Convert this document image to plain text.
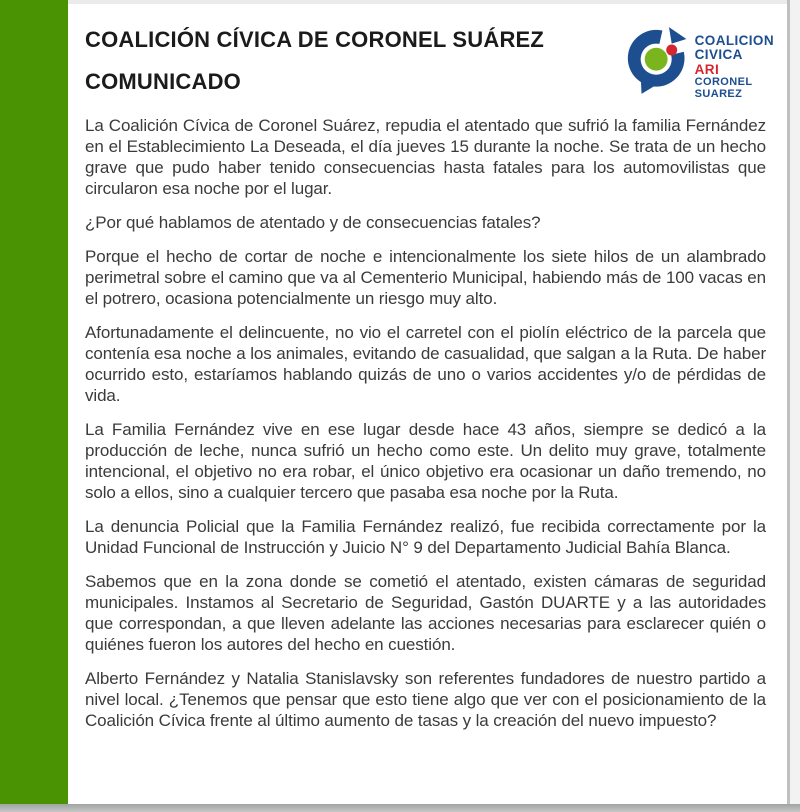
COALICIÓN CÍVICA DE CORONEL SUÁREZ
COMUNICADO

La Coalición Cívica de Coronel Suárez, repudia el atentado que sufrió la familia Fernández en el Establecimiento La Deseada, el día jueves 15 durante la noche. Se trata de un hecho grave que pudo haber tenido consecuencias hasta fatales para los automovilistas que circularon esa noche por el lugar.

¿Por qué hablamos de atentado y de consecuencias fatales?

Porque el hecho de cortar de noche e intencionalmente los siete hilos de un alambrado perimetral sobre el camino que va al Cementerio Municipal, habiendo más de 100 vacas en el potrero, ocasiona potencialmente un riesgo muy alto.

Afortunadamente el delincuente, no vio el carretel con el piolín eléctrico de la parcela que contenía esa noche a los animales, evitando de casualidad, que salgan a la Ruta. De haber ocurrido esto, estaríamos hablando quizás de uno o varios accidentes y/o de pérdidas de vida.

La Familia Fernández vive en ese lugar desde hace 43 años, siempre se dedicó a la producción de leche, nunca sufrió un hecho como este. Un delito muy grave, totalmente intencional, el objetivo no era robar, el único objetivo era ocasionar un daño tremendo, no solo a ellos, sino a cualquier tercero que pasaba esa noche por la Ruta.

La denuncia Policial que la Familia Fernández realizó, fue recibida correctamente por la Unidad Funcional de Instrucción y Juicio N° 9 del Departamento Judicial Bahía Blanca.

Sabemos que en la zona donde se cometió el atentado, existen cámaras de seguridad municipales. Instamos al Secretario de Seguridad, Gastón DUARTE y a las autoridades que correspondan, a que lleven adelante las acciones necesarias para esclarecer quién o quiénes fueron los autores del hecho en cuestión.

Alberto Fernández y Natalia Stanislavsky son referentes fundadores de nuestro partido a nivel local. ¿Tenemos que pensar que esto tiene algo que ver con el posicionamiento de la Coalición Cívica frente al último aumento de tasas y la creación del nuevo impuesto?

COALICION
CIVICA
ARI
CORONEL
SUAREZ
